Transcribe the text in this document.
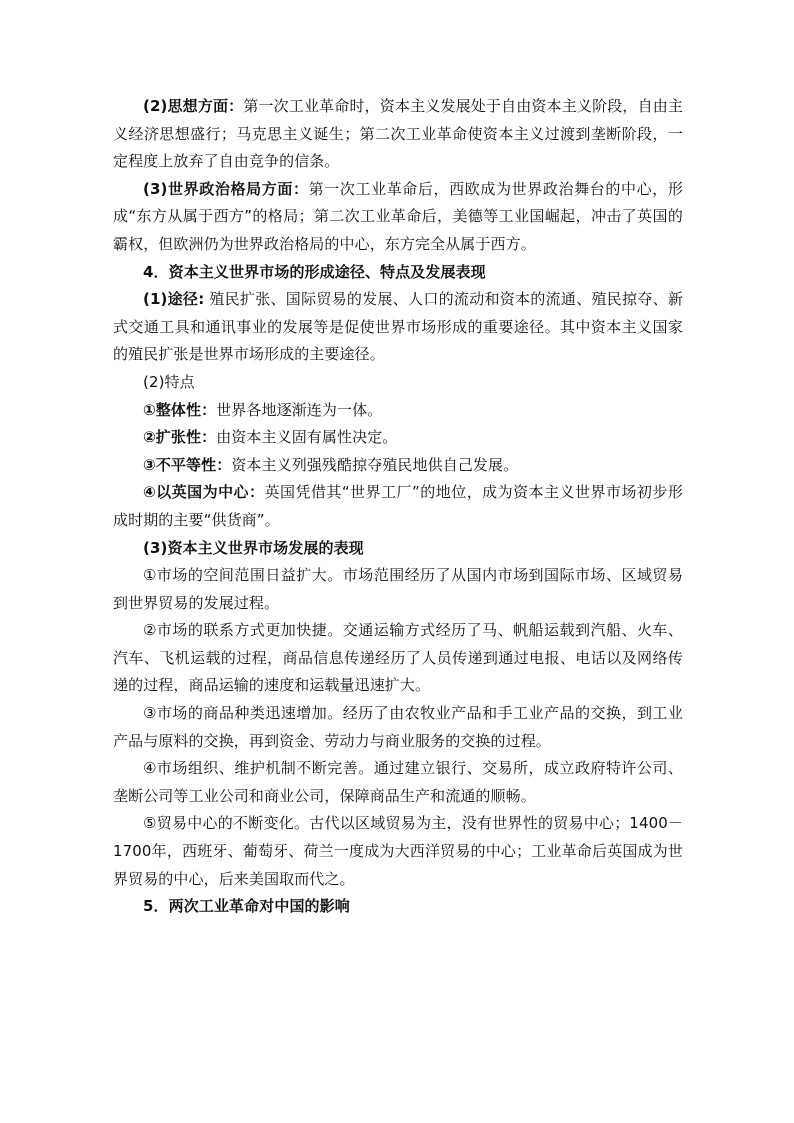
(2)思想方面：第一次工业革命时，资本主义发展处于自由资本主义阶段，自由主义经济思想盛行；马克思主义诞生；第二次工业革命使资本主义过渡到垄断阶段，一定程度上放弃了自由竞争的信条。

(3)世界政治格局方面：第一次工业革命后，西欧成为世界政治舞台的中心，形成“东方从属于西方”的格局；第二次工业革命后，美德等工业国崛起，冲击了英国的霸权，但欧洲仍为世界政治格局的中心，东方完全从属于西方。

4．资本主义世界市场的形成途径、特点及发展表现

(1)途径: 殖民扩张、国际贸易的发展、人口的流动和资本的流通、殖民掠夺、新式交通工具和通讯事业的发展等是促使世界市场形成的重要途径。其中资本主义国家的殖民扩张是世界市场形成的主要途径。

(2)特点

①整体性：世界各地逐渐连为一体。

②扩张性：由资本主义固有属性决定。

③不平等性：资本主义列强残酷掠夺殖民地供自己发展。

④以英国为中心：英国凭借其“世界工厂”的地位，成为资本主义世界市场初步形成时期的主要“供货商”。

(3)资本主义世界市场发展的表现

①市场的空间范围日益扩大。市场范围经历了从国内市场到国际市场、区域贸易到世界贸易的发展过程。

②市场的联系方式更加快捷。交通运输方式经历了马、帆船运载到汽船、火车、汽车、飞机运载的过程，商品信息传递经历了人员传递到通过电报、电话以及网络传递的过程，商品运输的速度和运载量迅速扩大。

③市场的商品种类迅速增加。经历了由农牧业产品和手工业产品的交换，到工业产品与原料的交换，再到资金、劳动力与商业服务的交换的过程。

④市场组织、维护机制不断完善。通过建立银行、交易所，成立政府特许公司、垄断公司等工业公司和商业公司，保障商品生产和流通的顺畅。

⑤贸易中心的不断变化。古代以区域贸易为主，没有世界性的贸易中心；1400－1700年，西班牙、葡萄牙、荷兰一度成为大西洋贸易的中心；工业革命后英国成为世界贸易的中心，后来美国取而代之。

5．两次工业革命对中国的影响
